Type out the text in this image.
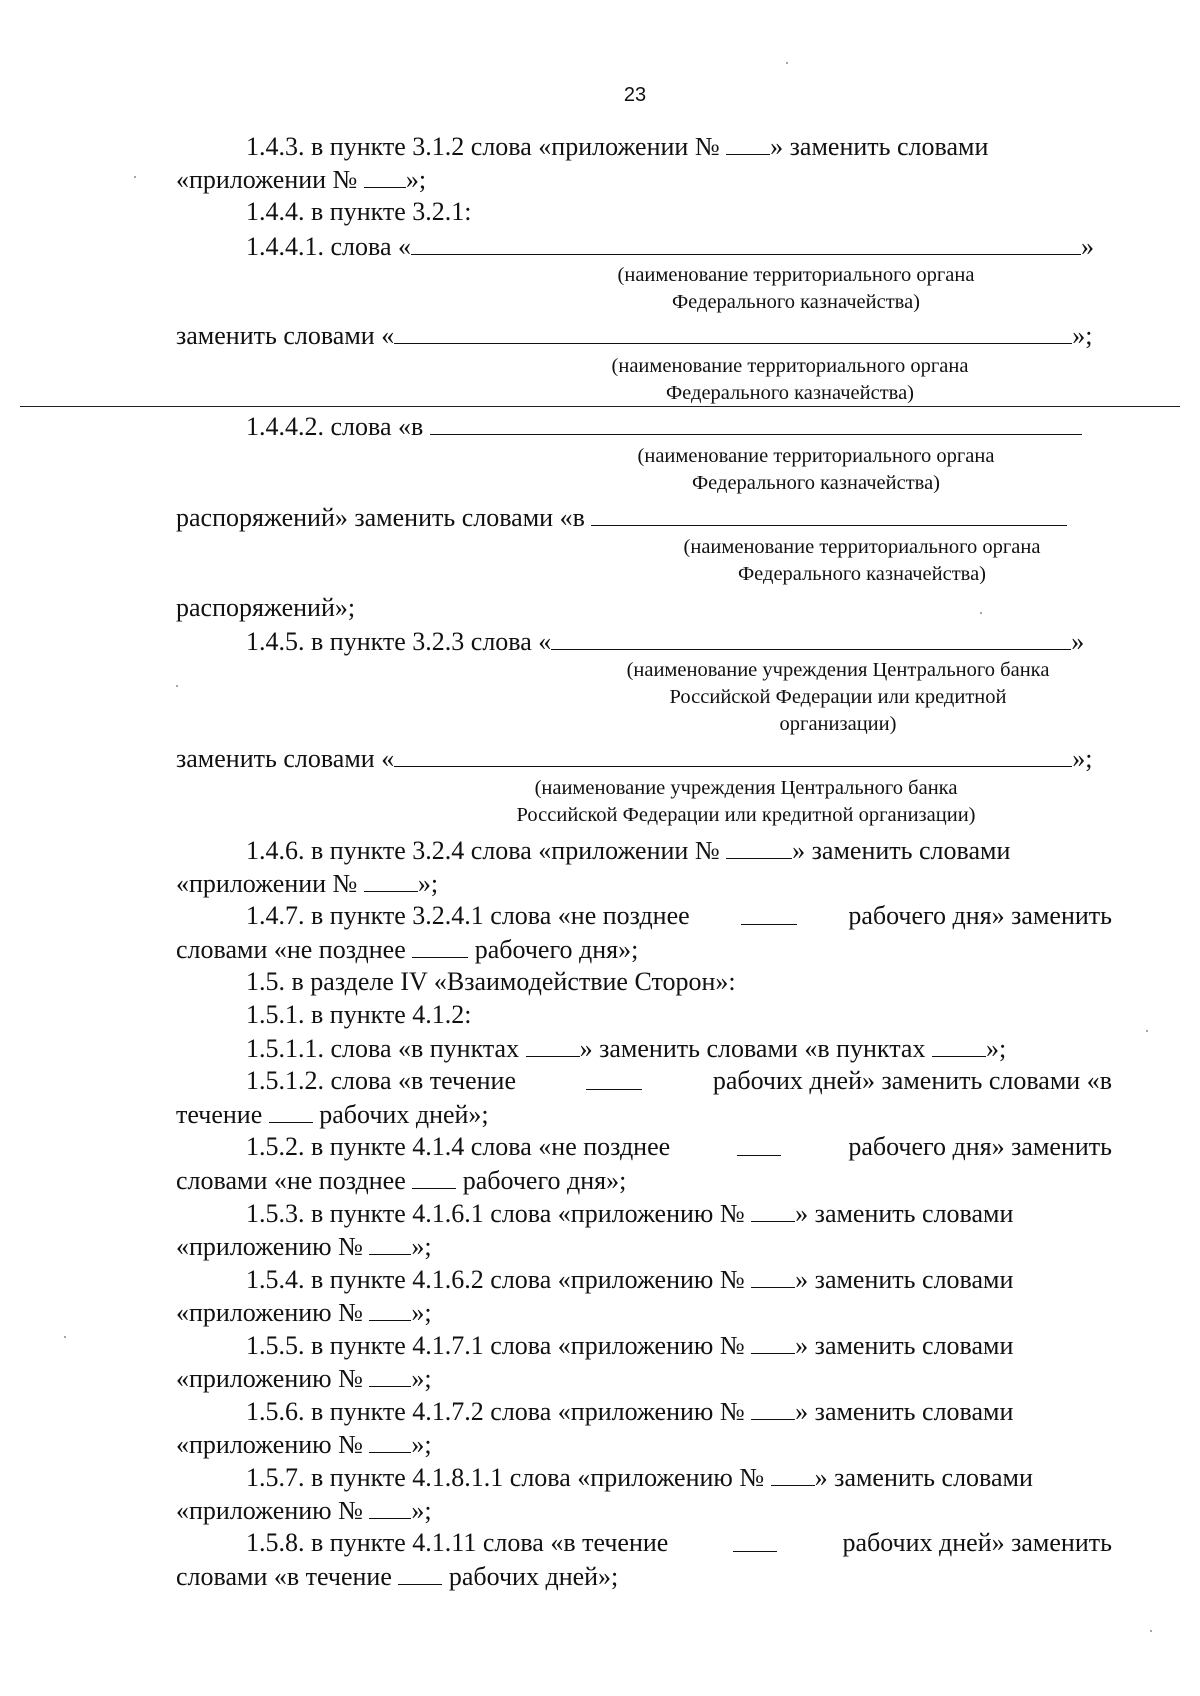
23
1.4.3. в пункте 3.1.2 слова «приложении № » заменить словами
«приложении № »;
1.4.4. в пункте 3.2.1:
1.4.4.1. слова «	»
(наименование территориального органа
Федерального казначейства)
заменить словами «	»;
(наименование территориального органа
Федерального казначейства)
1.4.4.2. слова «в
(наименование территориального органа
Федерального казначейства)
распоряжений» заменить словами «в
(наименование территориального органа
Федерального казначейства)
распоряжений»;
1.4.5. в пункте 3.2.3 слова «	»
(наименование учреждения Центрального банка
Российской Федерации или кредитной
организации)
заменить словами «	»;
(наименование учреждения Центрального банка
Российской Федерации или кредитной организации)
1.4.6. в пункте 3.2.4 слова «приложении №	» заменить словами
«приложении № »;
1.4.7. в пункте 3.2.4.1 слова «не позднее	рабочего дня» заменить
словами «не позднее	рабочего дня»;
1.5. в разделе IV «Взаимодействие Сторон»:
1.5.1. в пункте 4.1.2:
1.5.1.1. слова «в пунктах » заменить словами «в пунктах »;
1.5.1.2. слова «в течение	рабочих дней» заменить словами «в
течение рабочих дней»;
1.5.2. в пункте 4.1.4 слова «не позднее	рабочего дня» заменить
словами «не позднее рабочего дня»;
1.5.3. в пункте 4.1.6.1 слова «приложению № » заменить словами
«приложению № »;
1.5.4. в пункте 4.1.6.2 слова «приложению № » заменить словами
«приложению № »;
1.5.5. в пункте 4.1.7.1 слова «приложению № » заменить словами
«приложению № »;
1.5.6. в пункте 4.1.7.2 слова «приложению № » заменить словами
«приложению № »;
1.5.7. в пункте 4.1.8.1.1 слова «приложению № » заменить словами
«приложению № »;
1.5.8. в пункте 4.1.11 слова «в течение	рабочих дней» заменить
словами «в течение рабочих дней»;
